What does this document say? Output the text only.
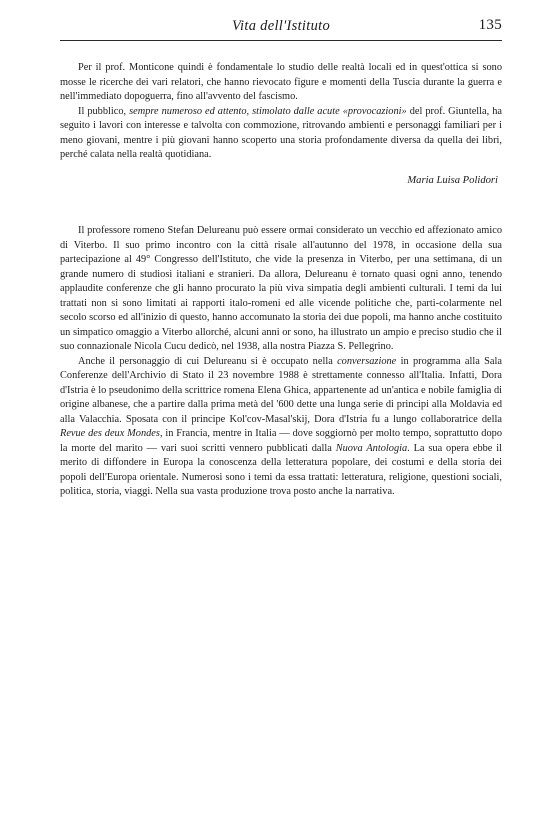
Vita dell'Istituto	135

Per il prof. Monticone quindi è fondamentale lo studio delle realtà locali ed in quest'ottica si sono mosse le ricerche dei vari relatori, che hanno rievocato figure e momenti della Tuscia durante la guerra e nell'immediato dopoguerra, fino all'avvento del fascismo.

Il pubblico, sempre numeroso ed attento, stimolato dalle acute «provocazioni» del prof. Giuntella, ha seguito i lavori con interesse e talvolta con commozione, ritrovando ambienti e personaggi familiari per i meno giovani, mentre i più giovani hanno scoperto una storia profondamente diversa da quella dei libri, perché calata nella realtà quotidiana.

Maria Luisa Polidori

Il professore romeno Stefan Delureanu può essere ormai considerato un vecchio ed affezionato amico di Viterbo. Il suo primo incontro con la città risale all'autunno del 1978, in occasione della sua partecipazione al 49° Congresso dell'Istituto, che vide la presenza in Viterbo, per una settimana, di un grande numero di studiosi italiani e stranieri. Da allora, Delureanu è tornato quasi ogni anno, tenendo applaudite conferenze che gli hanno procurato la più viva simpatia degli ambienti culturali. I temi da lui trattati non si sono limitati ai rapporti italo-romeni ed alle vicende politiche che, parti-colarmente nel secolo scorso ed all'inizio di questo, hanno accomunato la storia dei due popoli, ma hanno anche costituito un simpatico omaggio a Viterbo allorché, alcuni anni or sono, ha illustrato un ampio e preciso studio che il suo connazionale Nicola Cucu dedicò, nel 1938, alla nostra Piazza S. Pellegrino.

Anche il personaggio di cui Delureanu si è occupato nella conversazione in programma alla Sala Conferenze dell'Archivio di Stato il 23 novembre 1988 è strettamente connesso all'Italia. Infatti, Dora d'Istria è lo pseudonimo della scrittrice romena Elena Ghica, appartenente ad un'antica e nobile famiglia di origine albanese, che a partire dalla prima metà del '600 dette una lunga serie di principi alla Moldavia ed alla Valacchia. Sposata con il principe Kol'cov-Masal'skij, Dora d'Istria fu a lungo collaboratrice della Revue des deux Mondes, in Francia, mentre in Italia — dove soggiornò per molto tempo, soprattutto dopo la morte del marito — vari suoi scritti vennero pubblicati dalla Nuova Antologia. La sua opera ebbe il merito di diffondere in Europa la conoscenza della letteratura popolare, dei costumi e della storia dei popoli dell'Europa orientale. Numerosi sono i temi da essa trattati: letteratura, religione, questioni sociali, politica, storia, viaggi. Nella sua vasta produzione trova posto anche la narrativa.
